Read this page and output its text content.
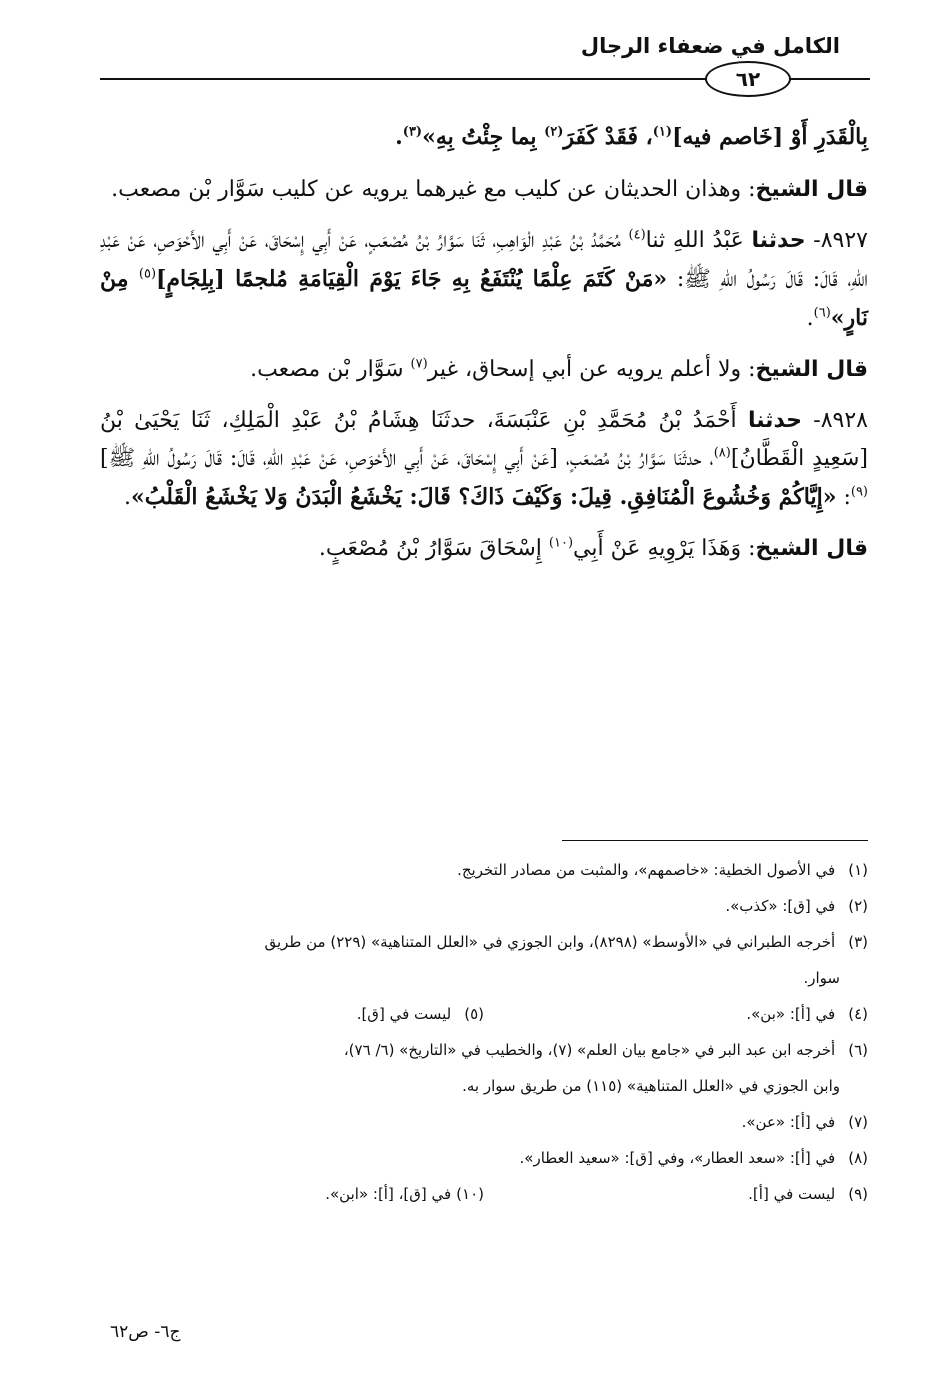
الكامل في ضعفاء الرجال
٦٢

بِالْقَدَرِ أَوْ [خَاصم فيه]$^{(١)}$، فَقَدْ كَفَرَ$^{(٢)}$ بِما جِئْتُ بِهِ»$^{(٣)}$.

قال الشيخ: وهذان الحديثان عن كليب مع غيرهما يرويه عن كليب سَوَّار بْن مصعب.

٨٩٢٧- حدثنا عَبْدُ اللهِ ثنا$^{(٤)}$ مُحَمَّدُ بْنُ عَبْدِ الْوَاهِبِ، ثَنَا سَوَّارُ بْنُ مُصْعَبٍ، عَنْ أَبِي إِسْحَاقَ، عَنْ أَبِي الأَحْوَصِ، عَنْ عَبْدِ اللهِ، قَالَ: قَالَ رَسُولُ اللهِ ﷺ: «مَنْ كَتَمَ عِلْمًا يُنْتَفَعُ بِهِ جَاءَ يَوْمَ الْقِيَامَةِ مُلجمًا [بِلِجَامٍ]$^{(٥)}$ مِنْ نَارٍ»$^{(٦)}$.

قال الشيخ: ولا أعلم يرويه عن أبي إسحاق، غير$^{(٧)}$ سَوَّار بْن مصعب.

٨٩٢٨- حدثنا أَحْمَدُ بْنُ مُحَمَّدِ بْنِ عَنْبَسَةَ، حدثَنَا هِشَامُ بْنُ عَبْدِ الْمَلِكِ، ثَنَا يَحْيَىٰ بْنُ [سَعِيدٍ الْقَطَّانُ]$^{(٨)}$، حدثَنَا سَوَّارُ بْنُ مُصْعَبٍ، [عَنْ أَبِي إِسْحَاقَ، عَنْ أَبِي الأَحْوَصِ، عَنْ عَبْدِ اللهِ، قَالَ: قَالَ رَسُولُ اللهِ ﷺ]$^{(٩)}$: «إِيَّاكُمْ وَخُشُوعَ الْمُنَافِقِ. قِيلَ: وَكَيْفَ ذَاكَ؟ قَالَ: يَخْشَعُ الْبَدَنُ وَلا يَخْشَعُ الْقَلْبُ».

قال الشيخ: وَهَذَا يَرْوِيهِ عَنْ أَبِي$^{(١٠)}$ إِسْحَاقَ سَوَّارُ بْنُ مُصْعَبٍ.

(١) في الأصول الخطية: «خاصمهم»، والمثبت من مصادر التخريج.

(٢) في [ق]: «كذب».

(٣) أخرجه الطبراني في «الأوسط» (٨٢٩٨)، وابن الجوزي في «العلل المتناهية» (٢٢٩) من طريق

سوار.

(٤) في [أ]: «بن».

(٥) ليست في [ق].

(٦) أخرجه ابن عبد البر في «جامع بيان العلم» (٧)، والخطيب في «التاريخ» (٦/ ٧٦)،

وابن الجوزي في «العلل المتناهية» (١١٥) من طريق سوار به.

(٧) في [أ]: «عن».

(٨) في [أ]: «سعد العطار»، وفي [ق]: «سعيد العطار».

(٩) ليست في [أ].

(١٠) في [ق]، [أ]: «ابن».

ج٦- ص٦٢
